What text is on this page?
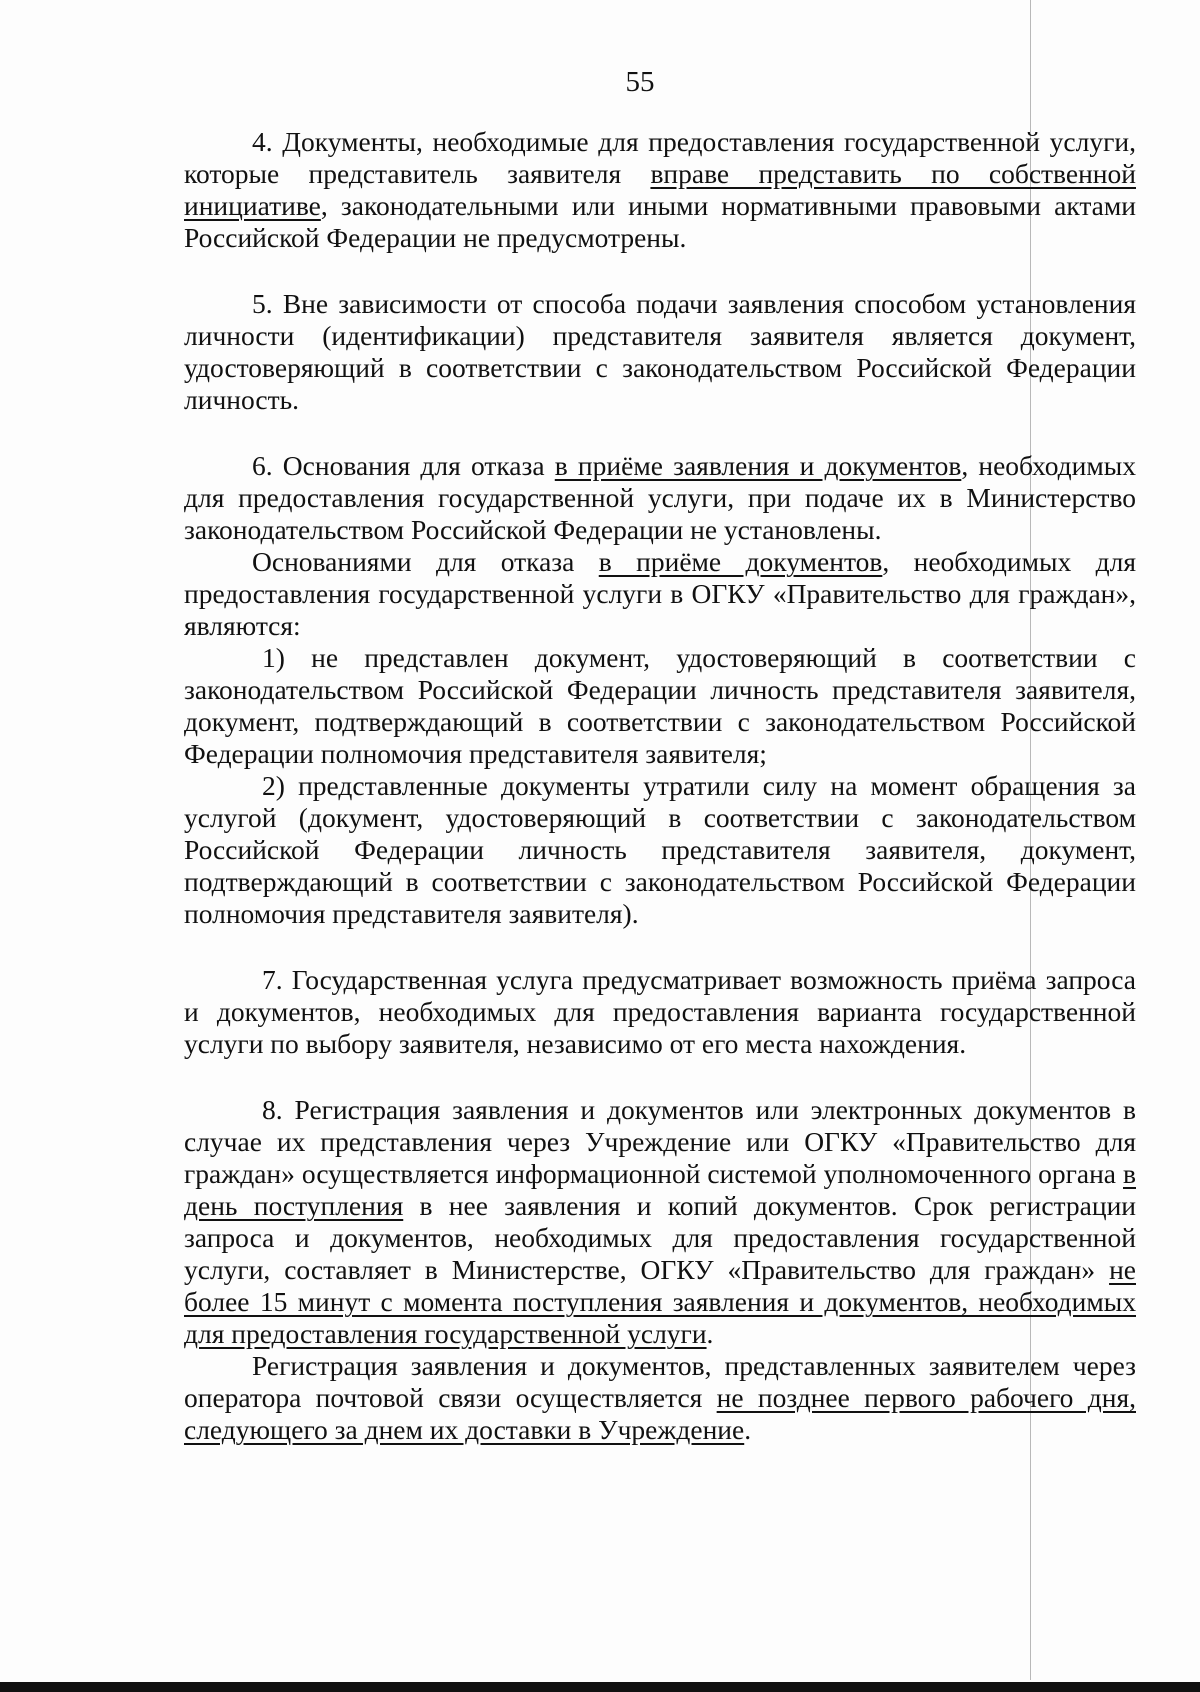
55

4. Документы, необходимые для предоставления государственной услуги, которые представитель заявителя вправе представить по собственной инициативе, законодательными или иными нормативными правовыми актами Российской Федерации не предусмотрены.

5. Вне зависимости от способа подачи заявления способом установления личности (идентификации) представителя заявителя является документ, удостоверяющий в соответствии с законодательством Российской Федерации личность.

6. Основания для отказа в приёме заявления и документов, необходимых для предоставления государственной услуги, при подаче их в Министерство законодательством Российской Федерации не установлены.

Основаниями для отказа в приёме документов, необходимых для предоставления государственной услуги в ОГКУ «Правительство для граждан», являются:

1) не представлен документ, удостоверяющий в соответствии с законодательством Российской Федерации личность представителя заявителя, документ, подтверждающий в соответствии с законодательством Российской Федерации полномочия представителя заявителя;

2) представленные документы утратили силу на момент обращения за услугой (документ, удостоверяющий в соответствии с законодательством Российской Федерации личность представителя заявителя, документ, подтверждающий в соответствии с законодательством Российской Федерации полномочия представителя заявителя).

7. Государственная услуга предусматривает возможность приёма запроса и документов, необходимых для предоставления варианта государственной услуги по выбору заявителя, независимо от его места нахождения.

8. Регистрация заявления и документов или электронных документов в случае их представления через Учреждение или ОГКУ «Правительство для граждан» осуществляется информационной системой уполномоченного органа в день поступления в нее заявления и копий документов. Срок регистрации запроса и документов, необходимых для предоставления государственной услуги, составляет в Министерстве, ОГКУ «Правительство для граждан» не более 15 минут с момента поступления заявления и документов, необходимых для предоставления государственной услуги.

Регистрация заявления и документов, представленных заявителем через оператора почтовой связи осуществляется не позднее первого рабочего дня, следующего за днем их доставки в Учреждение.
